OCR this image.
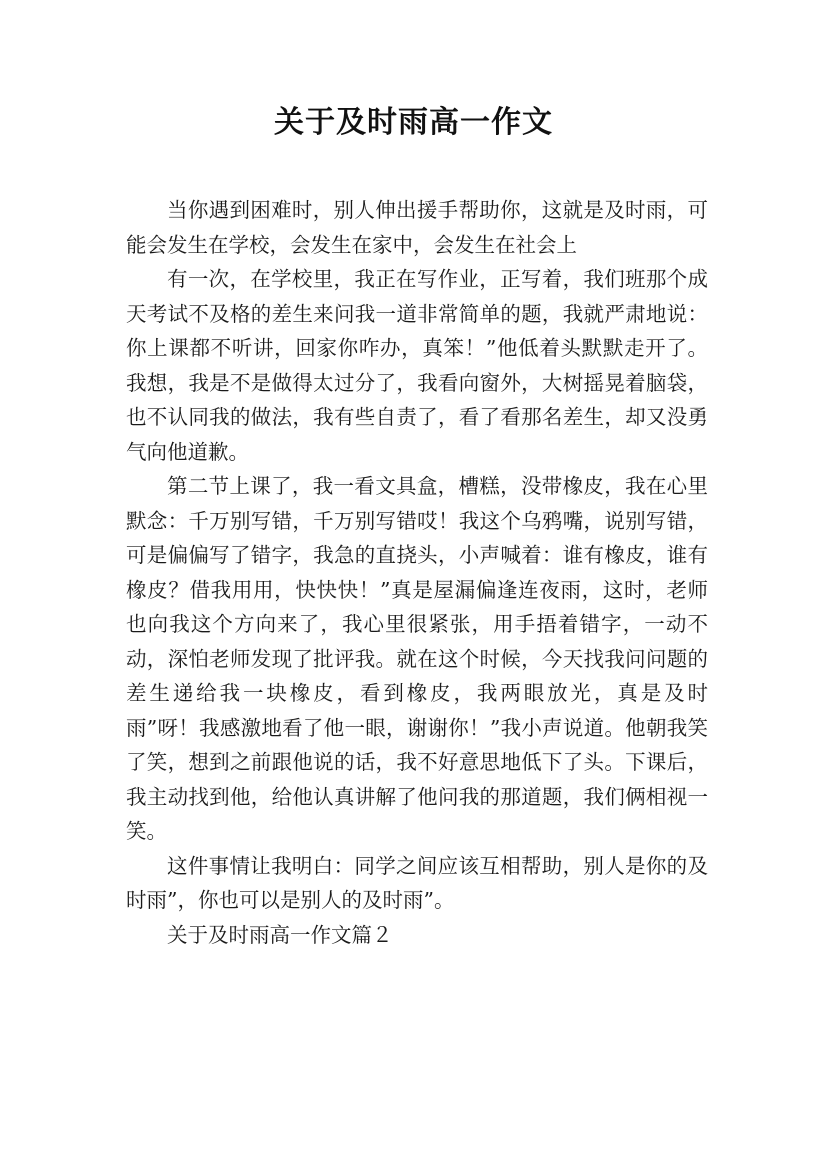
关于及时雨高一作文

当你遇到困难时，别人伸出援手帮助你，这就是及时雨，可能会发生在学校，会发生在家中，会发生在社会上

有一次，在学校里，我正在写作业，正写着，我们班那个成天考试不及格的差生来问我一道非常简单的题，我就严肃地说：你上课都不听讲，回家你咋办，真笨！”他低着头默默走开了。我想，我是不是做得太过分了，我看向窗外，大树摇晃着脑袋，也不认同我的做法，我有些自责了，看了看那名差生，却又没勇气向他道歉。

第二节上课了，我一看文具盒，槽糕，没带橡皮，我在心里默念：千万别写错，千万别写错哎！我这个乌鸦嘴，说别写错，可是偏偏写了错字，我急的直挠头，小声喊着：谁有橡皮，谁有橡皮？借我用用，快快快！”真是屋漏偏逢连夜雨，这时，老师也向我这个方向来了，我心里很紧张，用手捂着错字，一动不动，深怕老师发现了批评我。就在这个时候，今天找我问问题的差生递给我一块橡皮，看到橡皮，我两眼放光，真是及时雨”呀！我感激地看了他一眼，谢谢你！”我小声说道。他朝我笑了笑，想到之前跟他说的话，我不好意思地低下了头。下课后，我主动找到他，给他认真讲解了他问我的那道题，我们俩相视一笑。

这件事情让我明白：同学之间应该互相帮助，别人是你的及时雨”，你也可以是别人的及时雨”。

关于及时雨高一作文篇２
